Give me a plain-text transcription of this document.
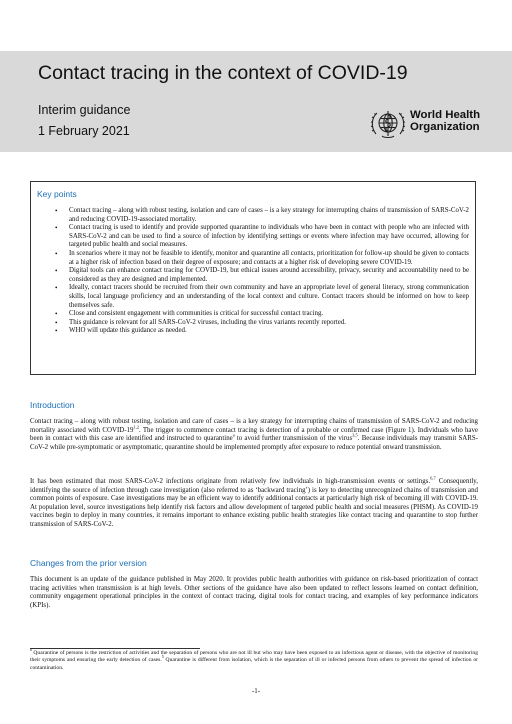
Contact tracing in the context of COVID-19
Interim guidance
1 February 2021
World Health
Organization
Key points
• Contact tracing – along with robust testing, isolation and care of cases – is a key strategy for interrupting chains of transmission of SARS-CoV-2 and reducing COVID-19-associated mortality.
• Contact tracing is used to identify and provide supported quarantine to individuals who have been in contact with people who are infected with SARS-CoV-2 and can be used to find a source of infection by identifying settings or events where infection may have occurred, allowing for targeted public health and social measures.
• In scenarios where it may not be feasible to identify, monitor and quarantine all contacts, prioritization for follow-up should be given to contacts at a higher risk of infection based on their degree of exposure; and contacts at a higher risk of developing severe COVID-19.
• Digital tools can enhance contact tracing for COVID-19, but ethical issues around accessibility, privacy, security and accountability need to be considered as they are designed and implemented.
• Ideally, contact tracers should be recruited from their own community and have an appropriate level of general literacy, strong communication skills, local language proficiency and an understanding of the local context and culture. Contact tracers should be informed on how to keep themselves safe.
• Close and consistent engagement with communities is critical for successful contact tracing.
• This guidance is relevant for all SARS-CoV-2 viruses, including the virus variants recently reported.
• WHO will update this guidance as needed.
Introduction

Contact tracing – along with robust testing, isolation and care of cases – is a key strategy for interrupting chains of transmission of SARS-CoV-2 and reducing mortality associated with COVID-19$^{1,2}$. The trigger to commence contact tracing is detection of a probable or confirmed case (Figure 1). Individuals who have been in contact with this case are identified and instructed to quarantine$^a$ to avoid further transmission of the virus$^{3,5}$. Because individuals may transmit SARS-CoV-2 while pre-symptomatic or asymptomatic, quarantine should be implemented promptly after exposure to reduce potential onward transmission.

It has been estimated that most SARS-CoV-2 infections originate from relatively few individuals in high-transmission events or settings.$^{6,7}$ Consequently, identifying the source of infection through case investigation (also referred to as ‘backward tracing’) is key to detecting unrecognized chains of transmission and common points of exposure. Case investigations may be an efficient way to identify additional contacts at particularly high risk of becoming ill with COVID-19. At population level, source investigations help identify risk factors and allow development of targeted public health and social measures (PHSM). As COVID-19 vaccines begin to deploy in many countries, it remains important to enhance existing public health strategies like contact tracing and quarantine to stop further transmission of SARS-CoV-2.

Changes from the prior version

This document is an update of the guidance published in May 2020. It provides public health authorities with guidance on risk-based prioritization of contact tracing activities when transmission is at high levels. Other sections of the guidance have also been updated to reflect lessons learned on contact definition, community engagement operational principles in the context of contact tracing, digital tools for contact tracing, and examples of key performance indicators (KPIs).

$^a$ Quarantine of persons is the restriction of activities and the separation of persons who are not ill but who may have been exposed to an infectious agent or disease, with the objective of monitoring their symptoms and ensuring the early detection of cases.$^5$ Quarantine is different from isolation, which is the separation of ill or infected persons from others to prevent the spread of infection or contamination.

-1-
